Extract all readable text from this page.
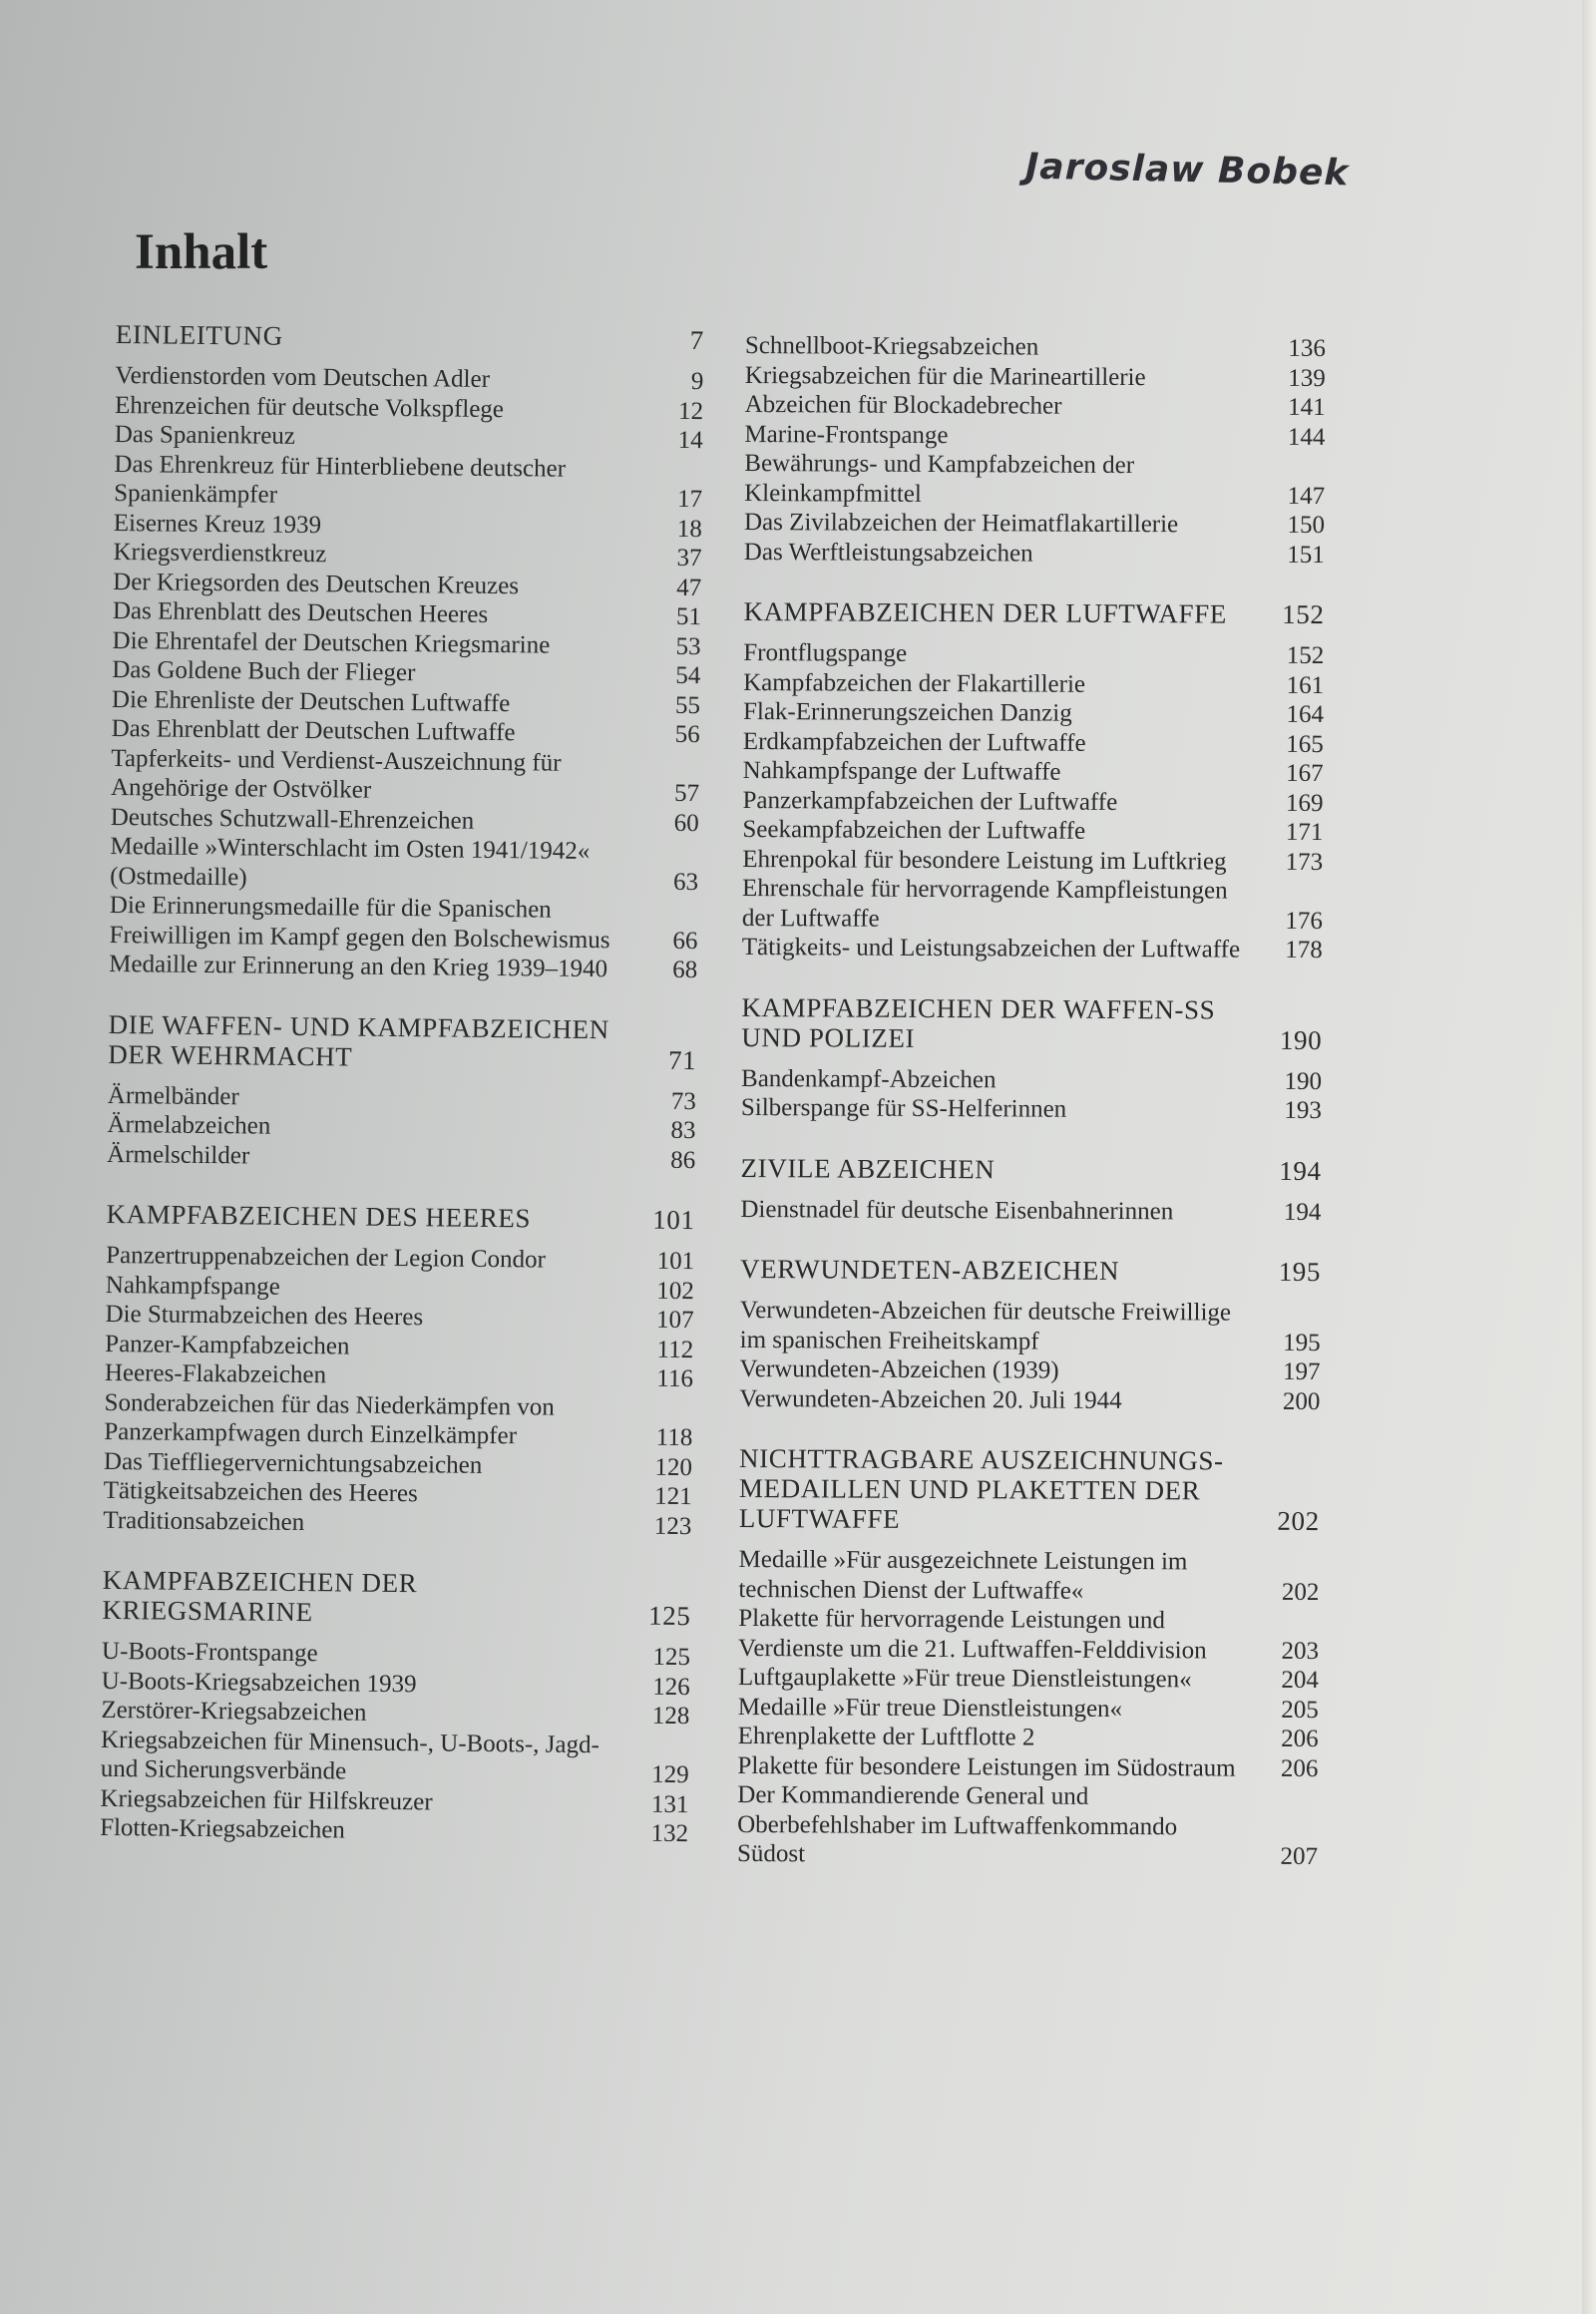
Jaroslaw Bobek
Inhalt
EINLEITUNG	7
Verdienstorden vom Deutschen Adler	9
Ehrenzeichen für deutsche Volkspflege	12
Das Spanienkreuz	14
Das Ehrenkreuz für Hinterbliebene deutscher Spanienkämpfer	17
Eisernes Kreuz 1939	18
Kriegsverdienstkreuz	37
Der Kriegsorden des Deutschen Kreuzes	47
Das Ehrenblatt des Deutschen Heeres	51
Die Ehrentafel der Deutschen Kriegsmarine	53
Das Goldene Buch der Flieger	54
Die Ehrenliste der Deutschen Luftwaffe	55
Das Ehrenblatt der Deutschen Luftwaffe	56
Tapferkeits- und Verdienst-Auszeichnung für Angehörige der Ostvölker	57
Deutsches Schutzwall-Ehrenzeichen	60
Medaille »Winterschlacht im Osten 1941/1942« (Ostmedaille)	63
Die Erinnerungsmedaille für die Spanischen Freiwilligen im Kampf gegen den Bolschewismus	66
Medaille zur Erinnerung an den Krieg 1939–1940	68
DIE WAFFEN- UND KAMPFABZEICHEN DER WEHRMACHT	71
Ärmelbänder	73
Ärmelabzeichen	83
Ärmelschilder	86
KAMPFABZEICHEN DES HEERES	101
Panzertruppenabzeichen der Legion Condor	101
Nahkampfspange	102
Die Sturmabzeichen des Heeres	107
Panzer-Kampfabzeichen	112
Heeres-Flakabzeichen	116
Sonderabzeichen für das Niederkämpfen von Panzerkampfwagen durch Einzelkämpfer	118
Das Tieffliegervernichtungsabzeichen	120
Tätigkeitsabzeichen des Heeres	121
Traditionsabzeichen	123
KAMPFABZEICHEN DER KRIEGSMARINE	125
U-Boots-Frontspange	125
U-Boots-Kriegsabzeichen 1939	126
Zerstörer-Kriegsabzeichen	128
Kriegsabzeichen für Minensuch-, U-Boots-, Jagd- und Sicherungsverbände	129
Kriegsabzeichen für Hilfskreuzer	131
Flotten-Kriegsabzeichen	132
Schnellboot-Kriegsabzeichen	136
Kriegsabzeichen für die Marineartillerie	139
Abzeichen für Blockadebrecher	141
Marine-Frontspange	144
Bewährungs- und Kampfabzeichen der Kleinkampfmittel	147
Das Zivilabzeichen der Heimatflakartillerie	150
Das Werftleistungsabzeichen	151
KAMPFABZEICHEN DER LUFTWAFFE	152
Frontflugspange	152
Kampfabzeichen der Flakartillerie	161
Flak-Erinnerungszeichen Danzig	164
Erdkampfabzeichen der Luftwaffe	165
Nahkampfspange der Luftwaffe	167
Panzerkampfabzeichen der Luftwaffe	169
Seekampfabzeichen der Luftwaffe	171
Ehrenpokal für besondere Leistung im Luftkrieg	173
Ehrenschale für hervorragende Kampfleistungen der Luftwaffe	176
Tätigkeits- und Leistungsabzeichen der Luftwaffe	178
KAMPFABZEICHEN DER WAFFEN-SS UND POLIZEI	190
Bandenkampf-Abzeichen	190
Silberspange für SS-Helferinnen	193
ZIVILE ABZEICHEN	194
Dienstnadel für deutsche Eisenbahnerinnen	194
VERWUNDETEN-ABZEICHEN	195
Verwundeten-Abzeichen für deutsche Freiwillige im spanischen Freiheitskampf	195
Verwundeten-Abzeichen (1939)	197
Verwundeten-Abzeichen 20. Juli 1944	200
NICHTTRAGBARE AUSZEICHNUNGS-MEDAILLEN UND PLAKETTEN DER LUFTWAFFE	202
Medaille »Für ausgezeichnete Leistungen im technischen Dienst der Luftwaffe«	202
Plakette für hervorragende Leistungen und Verdienste um die 21. Luftwaffen-Felddivision	203
Luftgauplakette »Für treue Dienstleistungen«	204
Medaille »Für treue Dienstleistungen«	205
Ehrenplakette der Luftflotte 2	206
Plakette für besondere Leistungen im Südostraum	206
Der Kommandierende General und Oberbefehlshaber im Luftwaffenkommando Südost	207
